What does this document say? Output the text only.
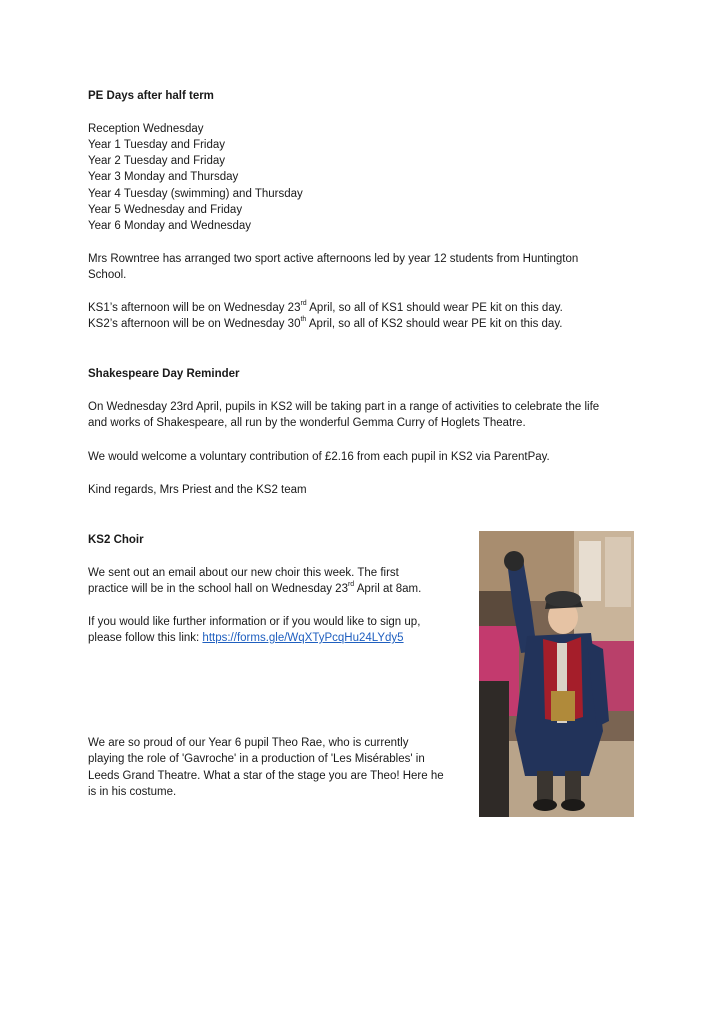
PE Days after half term
Reception Wednesday
Year 1 Tuesday and Friday
Year 2 Tuesday and Friday
Year 3 Monday and Thursday
Year 4 Tuesday (swimming) and Thursday
Year 5 Wednesday and Friday
Year 6 Monday and Wednesday
Mrs Rowntree has arranged two sport active afternoons led by year 12 students from Huntington
School.
KS1’s afternoon will be on Wednesday 23rd April, so all of KS1 should wear PE kit on this day.
KS2’s afternoon will be on Wednesday 30th April, so all of KS2 should wear PE kit on this day.
Shakespeare Day Reminder
On Wednesday 23rd April, pupils in KS2 will be taking part in a range of activities to celebrate the life
and works of Shakespeare, all run by the wonderful Gemma Curry of Hoglets Theatre.
We would welcome a voluntary contribution of £2.16 from each pupil in KS2 via ParentPay.
Kind regards, Mrs Priest and the KS2 team
KS2 Choir
We sent out an email about our new choir this week. The first
practice will be in the school hall on Wednesday 23rd April at 8am.
If you would like further information or if you would like to sign up,
please follow this link: https://forms.gle/WqXTyPcqHu24LYdy5
We are so proud of our Year 6 pupil Theo Rae, who is currently
playing the role of 'Gavroche' in a production of 'Les Misérables' in
Leeds Grand Theatre. What a star of the stage you are Theo! Here he
is in his costume.
